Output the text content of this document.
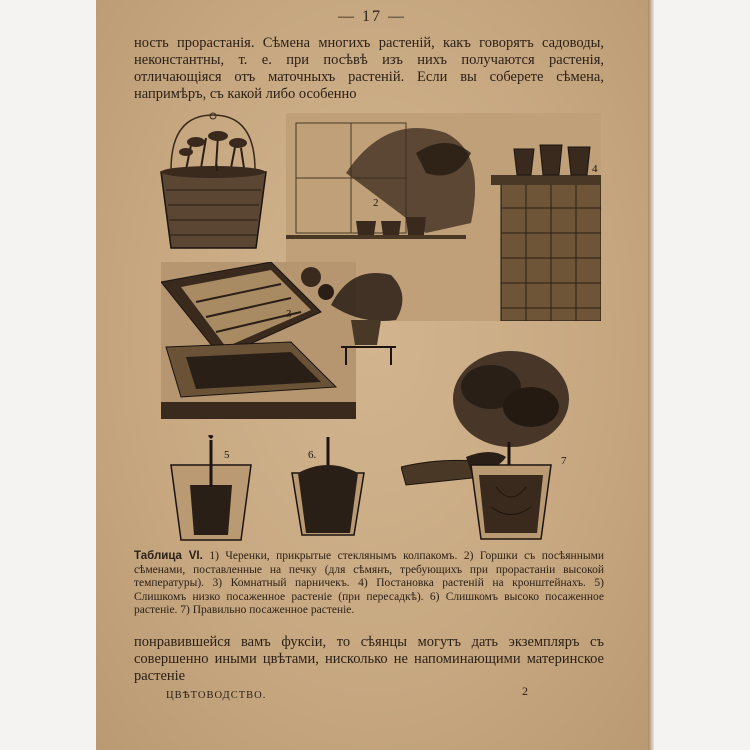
— 17 —

ность прорастанія. Сѣмена многихъ растеній, какъ говорятъ садоводы, неконстантны, т. е. при посѣвѣ изъ нихъ получаются растенія, отличающіяся отъ маточныхъ растеній. Если вы соберете сѣмена, напримѣръ, съ какой либо особенно

1
2
4
3
5	6.	7

Таблица VI. 1) Черенки, прикрытые стеклянымъ колпакомъ. 2) Горшки съ посѣянными сѣменами, поставленные на печку (для сѣмянъ, требующихъ при прорастаніи высокой температуры). 3) Комнатный парничекъ. 4) Постановка растеній на кронштейнахъ. 5) Слишкомъ низко посаженное растеніе (при пересадкѣ). 6) Слишкомъ высоко посаженное растеніе. 7) Правильно посаженное растеніе.

понравившейся вамъ фуксіи, то сѣянцы могутъ дать экземпляръ съ совершенно иными цвѣтами, нисколько не напоминающими материнское растеніе

ЦВѢТОВОДСТВО.	2
